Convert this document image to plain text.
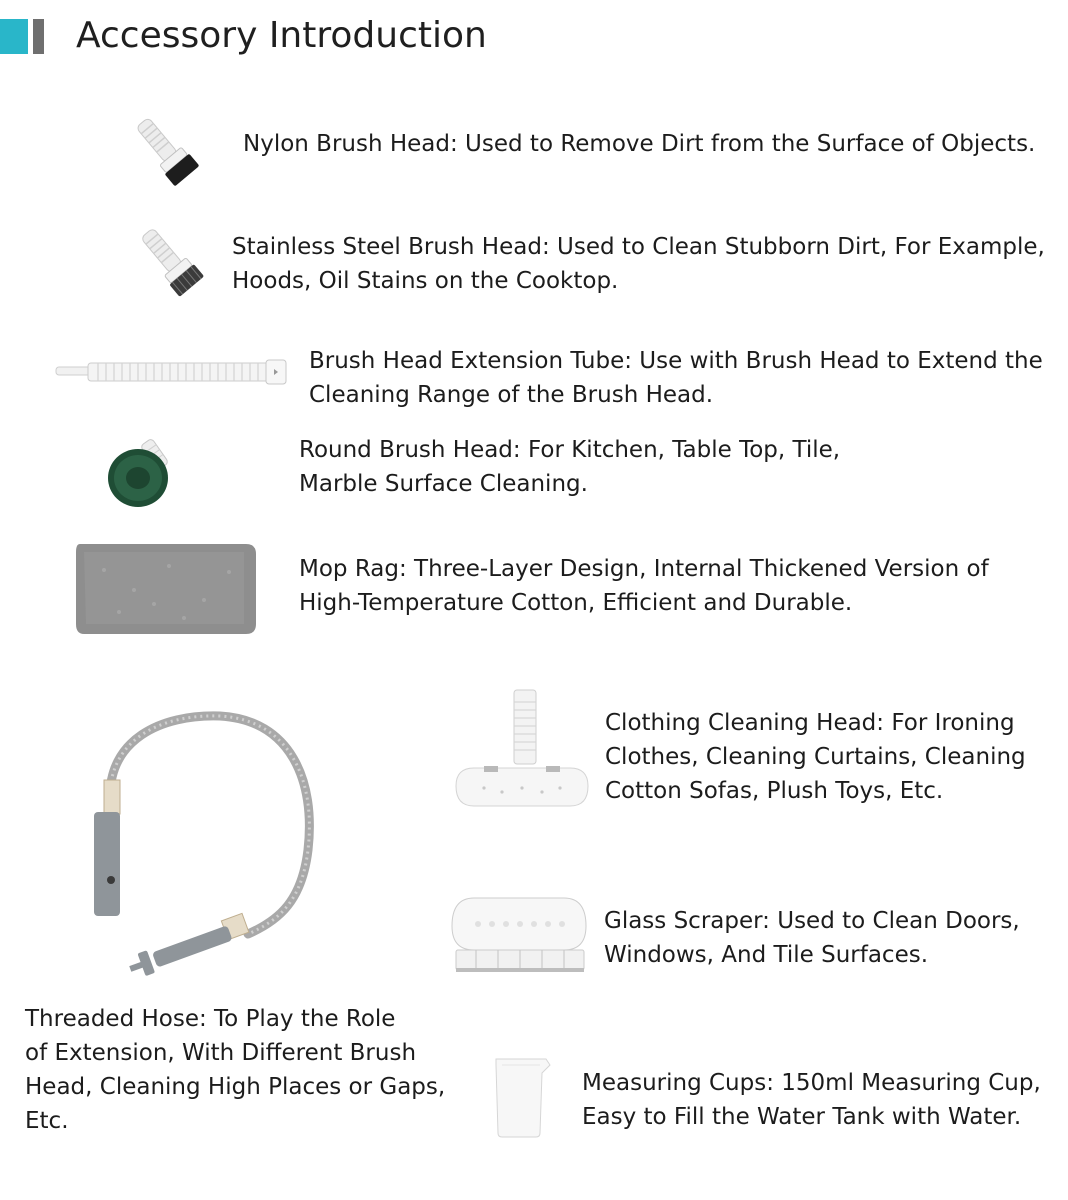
Accessory Introduction
Nylon Brush Head: Used to Remove Dirt from the Surface of Objects.
Stainless Steel Brush Head: Used to Clean Stubborn Dirt, For Example,
Hoods, Oil Stains on the Cooktop.
Brush Head Extension Tube: Use with Brush Head to Extend the
Cleaning Range of the Brush Head.
Round Brush Head: For Kitchen, Table Top, Tile,
Marble Surface Cleaning.
Mop Rag: Three-Layer Design, Internal Thickened Version of
High-Temperature Cotton, Efficient and Durable.
Clothing Cleaning Head: For Ironing
Clothes, Cleaning Curtains, Cleaning
Cotton Sofas, Plush Toys, Etc.
Glass Scraper: Used to Clean Doors,
Windows, And Tile Surfaces.
Threaded Hose: To Play the Role
of Extension, With Different Brush
Head, Cleaning High Places or Gaps,
Etc.
Measuring Cups: 150ml Measuring Cup,
Easy to Fill the Water Tank with Water.
